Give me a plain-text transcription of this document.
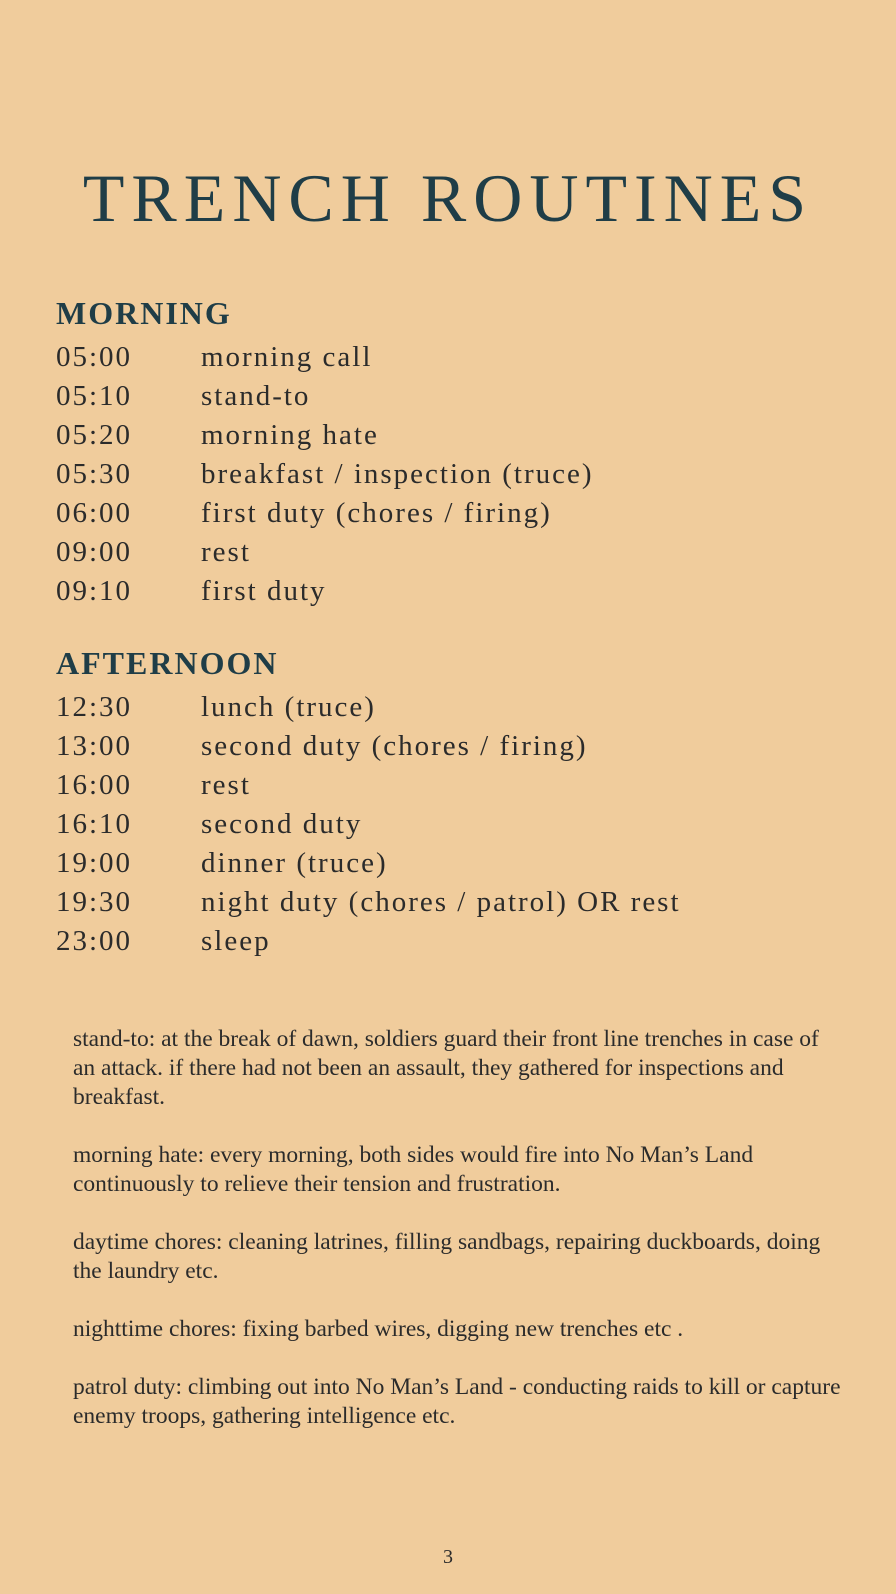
TRENCH ROUTINES
MORNING
05:00 morning call
05:10 stand-to
05:20 morning hate
05:30 breakfast / inspection (truce)
06:00 first duty (chores / firing)
09:00 rest
09:10 first duty
AFTERNOON
12:30 lunch (truce)
13:00 second duty (chores / firing)
16:00 rest
16:10 second duty
19:00 dinner (truce)
19:30 night duty (chores / patrol) OR rest
23:00 sleep

stand-to: at the break of dawn, soldiers guard their front line trenches in case of an attack. if there had not been an assault, they gathered for inspections and breakfast.

morning hate: every morning, both sides would fire into No Man’s Land continuously to relieve their tension and frustration.

daytime chores: cleaning latrines, filling sandbags, repairing duckboards, doing the laundry etc.

nighttime chores: fixing barbed wires, digging new trenches etc .

patrol duty: climbing out into No Man’s Land - conducting raids to kill or capture enemy troops, gathering intelligence etc.

3
